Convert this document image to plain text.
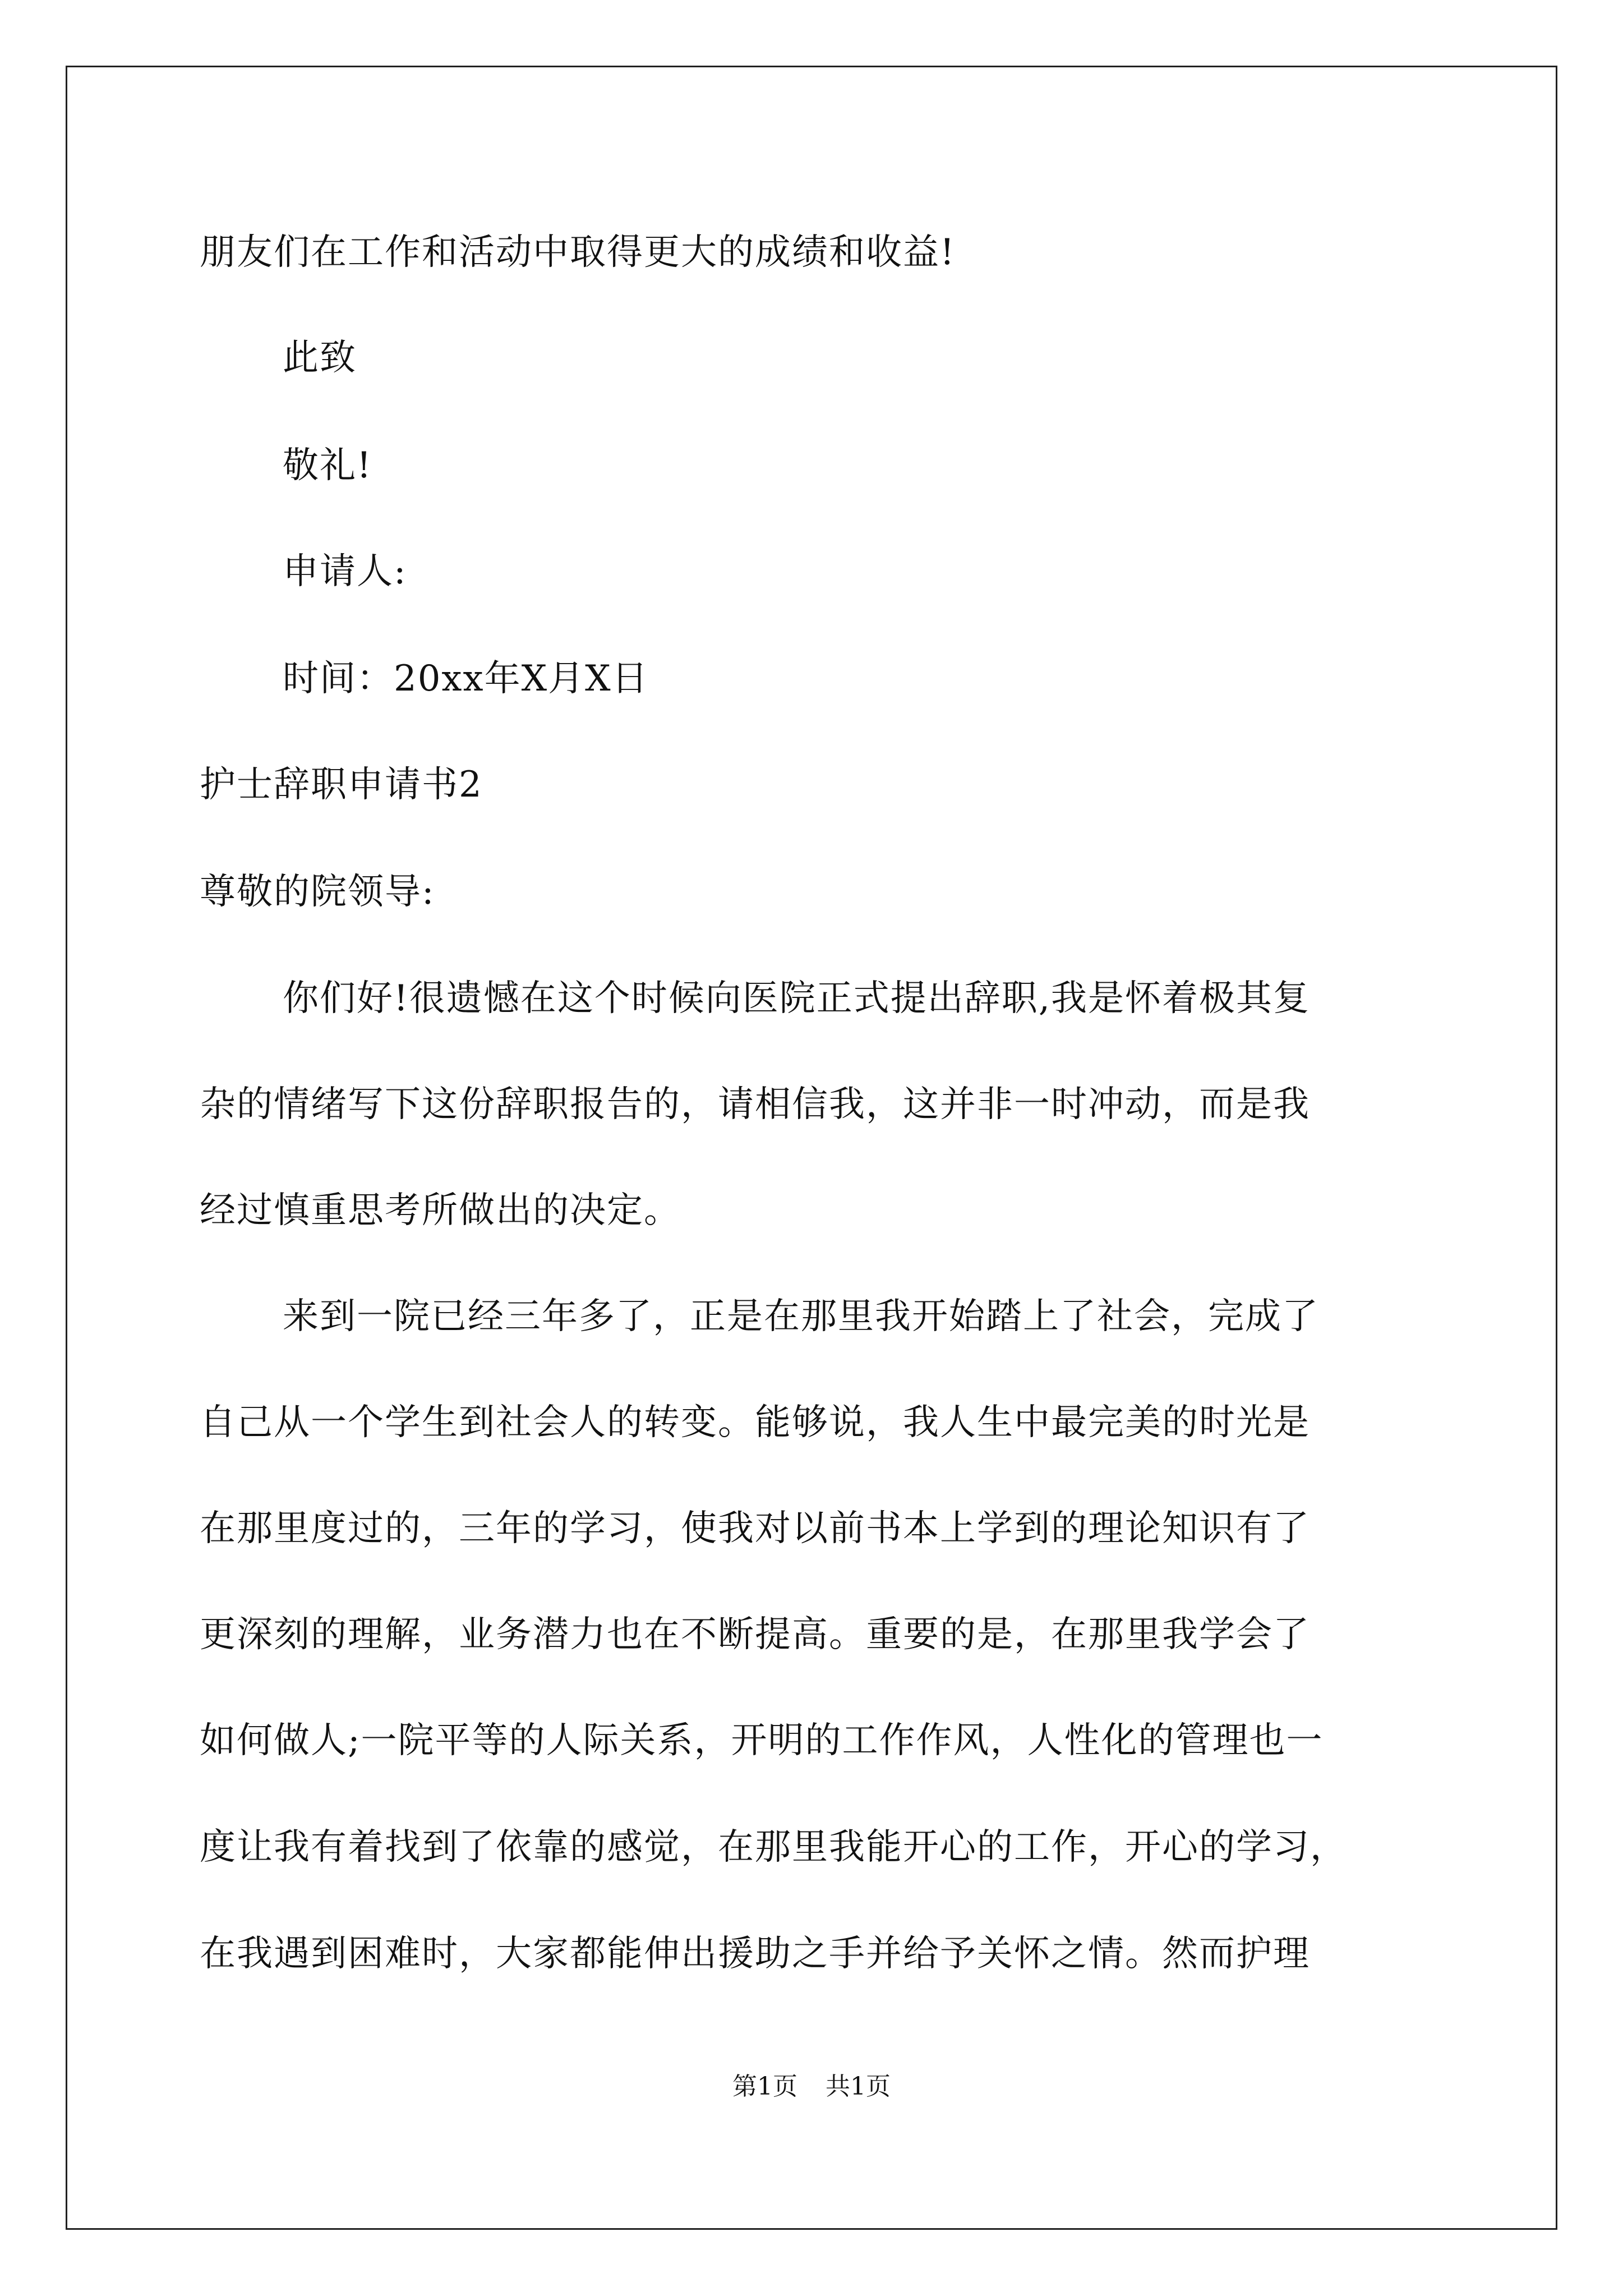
朋友们在工作和活动中取得更大的成绩和收益!
此致
敬礼!
申请人:
时间：20xx年X月X日
护士辞职申请书2
尊敬的院领导:
你们好!很遗憾在这个时候向医院正式提出辞职,我是怀着极其复
杂的情绪写下这份辞职报告的，请相信我，这并非一时冲动，而是我
经过慎重思考所做出的决定。
来到一院已经三年多了，正是在那里我开始踏上了社会，完成了
自己从一个学生到社会人的转变。能够说，我人生中最完美的时光是
在那里度过的，三年的学习，使我对以前书本上学到的理论知识有了
更深刻的理解，业务潜力也在不断提高。重要的是，在那里我学会了
如何做人;一院平等的人际关系，开明的工作作风，人性化的管理也一
度让我有着找到了依靠的感觉，在那里我能开心的工作，开心的学习，
在我遇到困难时，大家都能伸出援助之手并给予关怀之情。然而护理
第1页 共1页
